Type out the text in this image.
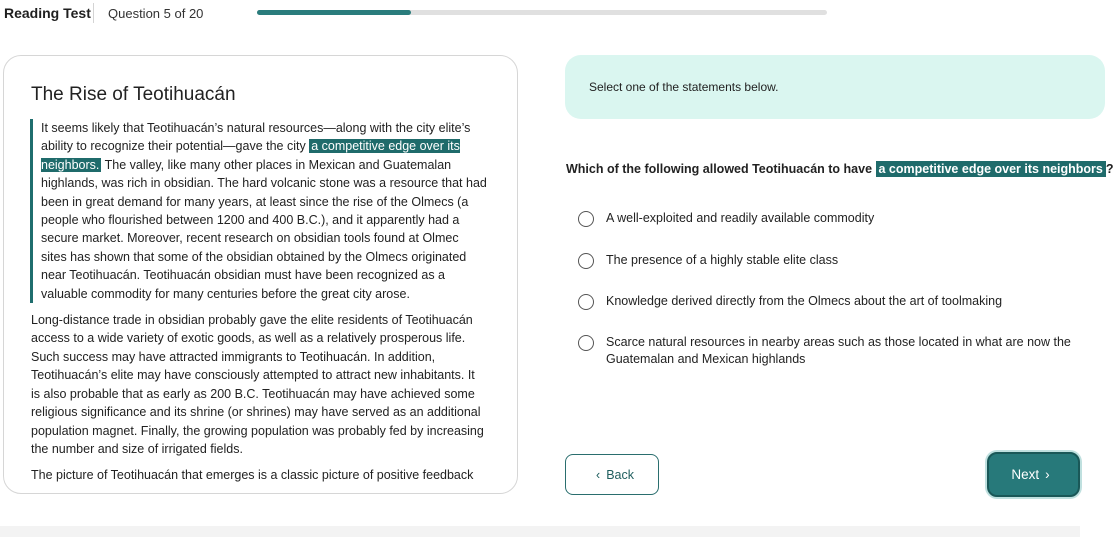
Reading Test Question 5 of 20
The Rise of Teotihuacán

It seems likely that Teotihuacán’s natural resources—along with the city elite’s ability to recognize their potential—gave the city a competitive edge over its neighbors. The valley, like many other places in Mexican and Guatemalan highlands, was rich in obsidian. The hard volcanic stone was a resource that had been in great demand for many years, at least since the rise of the Olmecs (a people who flourished between 1200 and 400 B.C.), and it apparently had a secure market. Moreover, recent research on obsidian tools found at Olmec sites has shown that some of the obsidian obtained by the Olmecs originated near Teotihuacán. Teotihuacán obsidian must have been recognized as a valuable commodity for many centuries before the great city arose.

Long-distance trade in obsidian probably gave the elite residents of Teotihuacán access to a wide variety of exotic goods, as well as a relatively prosperous life. Such success may have attracted immigrants to Teotihuacán. In addition, Teotihuacán’s elite may have consciously attempted to attract new inhabitants. It is also probable that as early as 200 B.C. Teotihuacán may have achieved some religious significance and its shrine (or shrines) may have served as an additional population magnet. Finally, the growing population was probably fed by increasing the number and size of irrigated fields.

The picture of Teotihuacán that emerges is a classic picture of positive feedback

Select one of the statements below.
Which of the following allowed Teotihuacán to have a competitive edge over its neighbors ?
A well-exploited and readily available commodity
The presence of a highly stable elite class
Knowledge derived directly from the Olmecs about the art of toolmaking
Scarce natural resources in nearby areas such as those located in what are now the Guatemalan and Mexican highlands
‹ Back	Next ›
